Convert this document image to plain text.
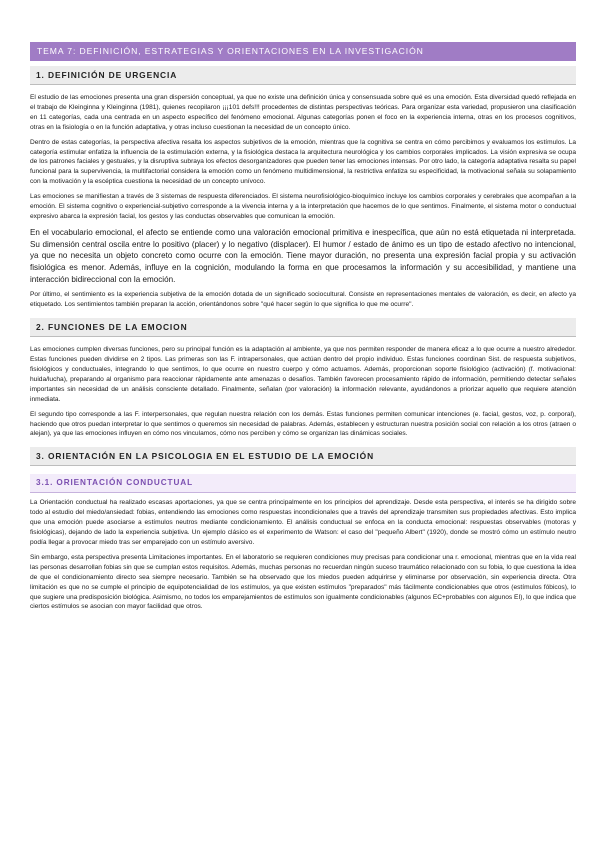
TEMA 7: DEFINICIÓN, ESTRATEGIAS Y ORIENTACIONES EN LA INVESTIGACIÓN
1. DEFINICIÓN DE URGENCIA

El estudio de las emociones presenta una gran dispersión conceptual, ya que no existe una definición única y consensuada sobre qué es una emoción. Esta diversidad quedó reflejada en el trabajo de Kleinginna y Kleinginna (1981), quienes recopilaron ¡¡¡101 defs!!! procedentes de distintas perspectivas teóricas. Para organizar esta variedad, propusieron una clasificación en 11 categorías, cada una centrada en un aspecto específico del fenómeno emocional. Algunas categorías ponen el foco en la experiencia interna, otras en los procesos cognitivos, otras en la fisiología o en la función adaptativa, y otras incluso cuestionan la necesidad de un concepto único.

Dentro de estas categorías, la perspectiva afectiva resalta los aspectos subjetivos de la emoción, mientras que la cognitiva se centra en cómo percibimos y evaluamos los estímulos. La categoría estimular enfatiza la influencia de la estimulación externa, y la fisiológica destaca la arquitectura neurológica y los cambios corporales implicados. La visión expresiva se ocupa de los patrones faciales y gestuales, y la disruptiva subraya los efectos desorganizadores que pueden tener las emociones intensas. Por otro lado, la categoría adaptativa resalta su papel funcional para la supervivencia, la multifactorial considera la emoción como un fenómeno multidimensional, la restrictiva enfatiza su especificidad, la motivacional señala su solapamiento con la motivación y la escéptica cuestiona la necesidad de un concepto unívoco.

Las emociones se manifiestan a través de 3 sistemas de respuesta diferenciados. El sistema neurofisiológico-bioquímico incluye los cambios corporales y cerebrales que acompañan a la emoción. El sistema cognitivo o experiencial-subjetivo corresponde a la vivencia interna y a la interpretación que hacemos de lo que sentimos. Finalmente, el sistema motor o conductual expresivo abarca la expresión facial, los gestos y las conductas observables que comunican la emoción.

En el vocabulario emocional, el afecto se entiende como una valoración emocional primitiva e inespecífica, que aún no está etiquetada ni interpretada. Su dimensión central oscila entre lo positivo (placer) y lo negativo (displacer). El humor / estado de ánimo es un tipo de estado afectivo no intencional, ya que no necesita un objeto concreto como ocurre con la emoción. Tiene mayor duración, no presenta una expresión facial propia y su activación fisiológica es menor. Además, influye en la cognición, modulando la forma en que procesamos la información y su accesibilidad, y mantiene una interacción bidireccional con la emoción.

Por último, el sentimiento es la experiencia subjetiva de la emoción dotada de un significado sociocultural. Consiste en representaciones mentales de valoración, es decir, en afecto ya etiquetado. Los sentimientos también preparan la acción, orientándonos sobre "qué hacer según lo que significa lo que me ocurre".

2. FUNCIONES DE LA EMOCION

Las emociones cumplen diversas funciones, pero su principal función es la adaptación al ambiente, ya que nos permiten responder de manera eficaz a lo que ocurre a nuestro alrededor. Estas funciones pueden dividirse en 2 tipos. Las primeras son las F. intrapersonales, que actúan dentro del propio individuo. Estas funciones coordinan Sist. de respuesta subjetivos, fisiológicos y conductuales, integrando lo que sentimos, lo que ocurre en nuestro cuerpo y cómo actuamos. Además, proporcionan soporte fisiológico (activación) (f. motivacional: huida/lucha), preparando al organismo para reaccionar rápidamente ante amenazas o desafíos. También favorecen procesamiento rápido de información, permitiendo detectar señales importantes sin necesidad de un análisis consciente detallado. Finalmente, señalan (por valoración) la información relevante, ayudándonos a priorizar aquello que requiere atención inmediata.

El segundo tipo corresponde a las F. interpersonales, que regulan nuestra relación con los demás. Estas funciones permiten comunicar intenciones (e. facial, gestos, voz, p. corporal), haciendo que otros puedan interpretar lo que sentimos o queremos sin necesidad de palabras. Además, establecen y estructuran nuestra posición social con relación a los otros (atraen o alejan), ya que las emociones influyen en cómo nos vinculamos, cómo nos perciben y cómo se organizan las dinámicas sociales.

3. ORIENTACIÓN EN LA PSICOLOGIA EN EL ESTUDIO DE LA EMOCIÓN
3.1. ORIENTACIÓN CONDUCTUAL

La Orientación conductual ha realizado escasas aportaciones, ya que se centra principalmente en los principios del aprendizaje. Desde esta perspectiva, el interés se ha dirigido sobre todo al estudio del miedo/ansiedad: fobias, entendiendo las emociones como respuestas incondicionales que a través del aprendizaje transmiten sus propiedades afectivas. Esto implica que una emoción puede asociarse a estímulos neutros mediante condicionamiento. El análisis conductual se enfoca en la conducta emocional: respuestas observables (motoras y fisiológicas), dejando de lado la experiencia subjetiva. Un ejemplo clásico es el experimento de Watson: el caso del "pequeño Albert" (1920), donde se mostró cómo un estímulo neutro podía llegar a provocar miedo tras ser emparejado con un estímulo aversivo.

Sin embargo, esta perspectiva presenta Limitaciones importantes. En el laboratorio se requieren condiciones muy precisas para condicionar una r. emocional, mientras que en la vida real las personas desarrollan fobias sin que se cumplan estos requisitos. Además, muchas personas no recuerdan ningún suceso traumático relacionado con su fobia, lo que cuestiona la idea de que el condicionamiento directo sea siempre necesario. También se ha observado que los miedos pueden adquirirse y eliminarse por observación, sin experiencia directa. Otra limitación es que no se cumple el principio de equipotencialidad de los estímulos, ya que existen estímulos "preparados" más fácilmente condicionables que otros (estímulos fóbicos), lo que sugiere una predisposición biológica. Asimismo, no todos los emparejamientos de estímulos son igualmente condicionables (algunos EC+probables con algunos EI), lo que indica que ciertos estímulos se asocian con mayor facilidad que otros.
